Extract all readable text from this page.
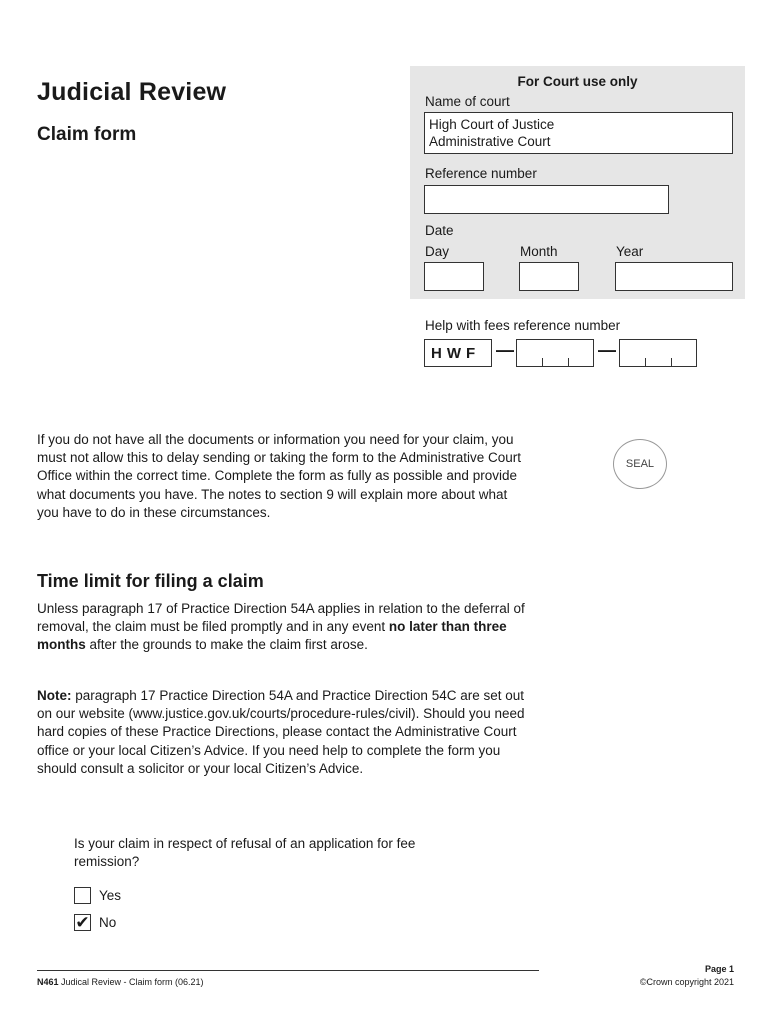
Judicial Review
Claim form
For Court use only
Name of court
High Court of Justice
Administrative Court
Reference number
Date
Day	Month	Year
Help with fees reference number
HWF —	—
SEAL

If you do not have all the documents or information you need for your claim, you must not allow this to delay sending or taking the form to the Administrative Court Office within the correct time. Complete the form as fully as possible and provide what documents you have. The notes to section 9 will explain more about what you have to do in these circumstances.

Time limit for filing a claim

Unless paragraph 17 of Practice Direction 54A applies in relation to the deferral of removal, the claim must be filed promptly and in any event no later than three months after the grounds to make the claim first arose.

Note: paragraph 17 Practice Direction 54A and Practice Direction 54C are set out on our website (www.justice.gov.uk/courts/procedure-rules/civil). Should you need hard copies of these Practice Directions, please contact the Administrative Court office or your local Citizen’s Advice. If you need help to complete the form you should consult a solicitor or your local Citizen’s Advice.

Is your claim in respect of refusal of an application for fee remission?

Yes
✔ No
N461 Judical Review - Claim form (06.21)
Page 1
©Crown copyright 2021
